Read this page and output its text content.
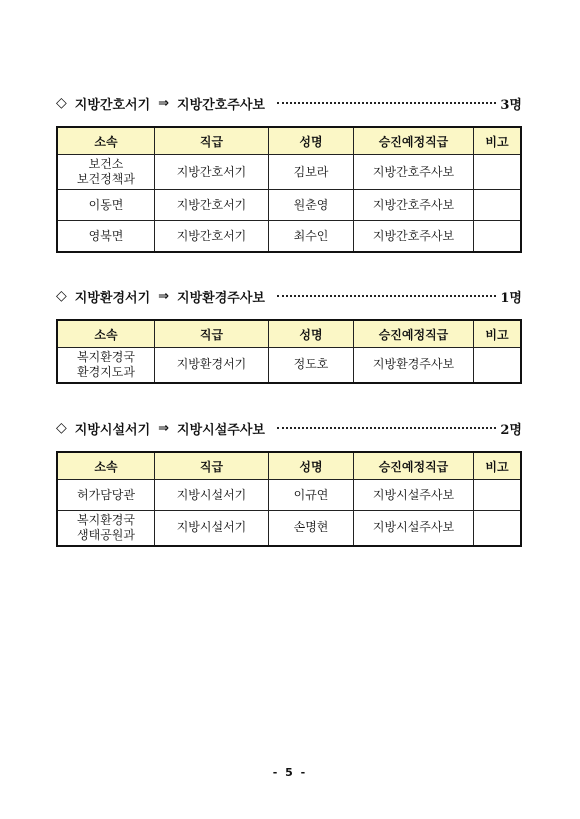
◇ 지방간호서기 ⇒ 지방간호주사보	3명
소속	직급	성명	승진예정직급	비고
보건소
보건정책과	지방간호서기	김보라	지방간호주사보	
이동면	지방간호서기	원춘영	지방간호주사보	
영북면	지방간호서기	최수인	지방간호주사보	
◇ 지방환경서기 ⇒ 지방환경주사보	1명
소속	직급	성명	승진예정직급	비고
복지환경국
환경지도과	지방환경서기	정도호	지방환경주사보	
◇ 지방시설서기 ⇒ 지방시설주사보	2명
소속	직급	성명	승진예정직급	비고
허가담당관	지방시설서기	이규연	지방시설주사보	
복지환경국
생태공원과	지방시설서기	손명현	지방시설주사보	
- 5 -
